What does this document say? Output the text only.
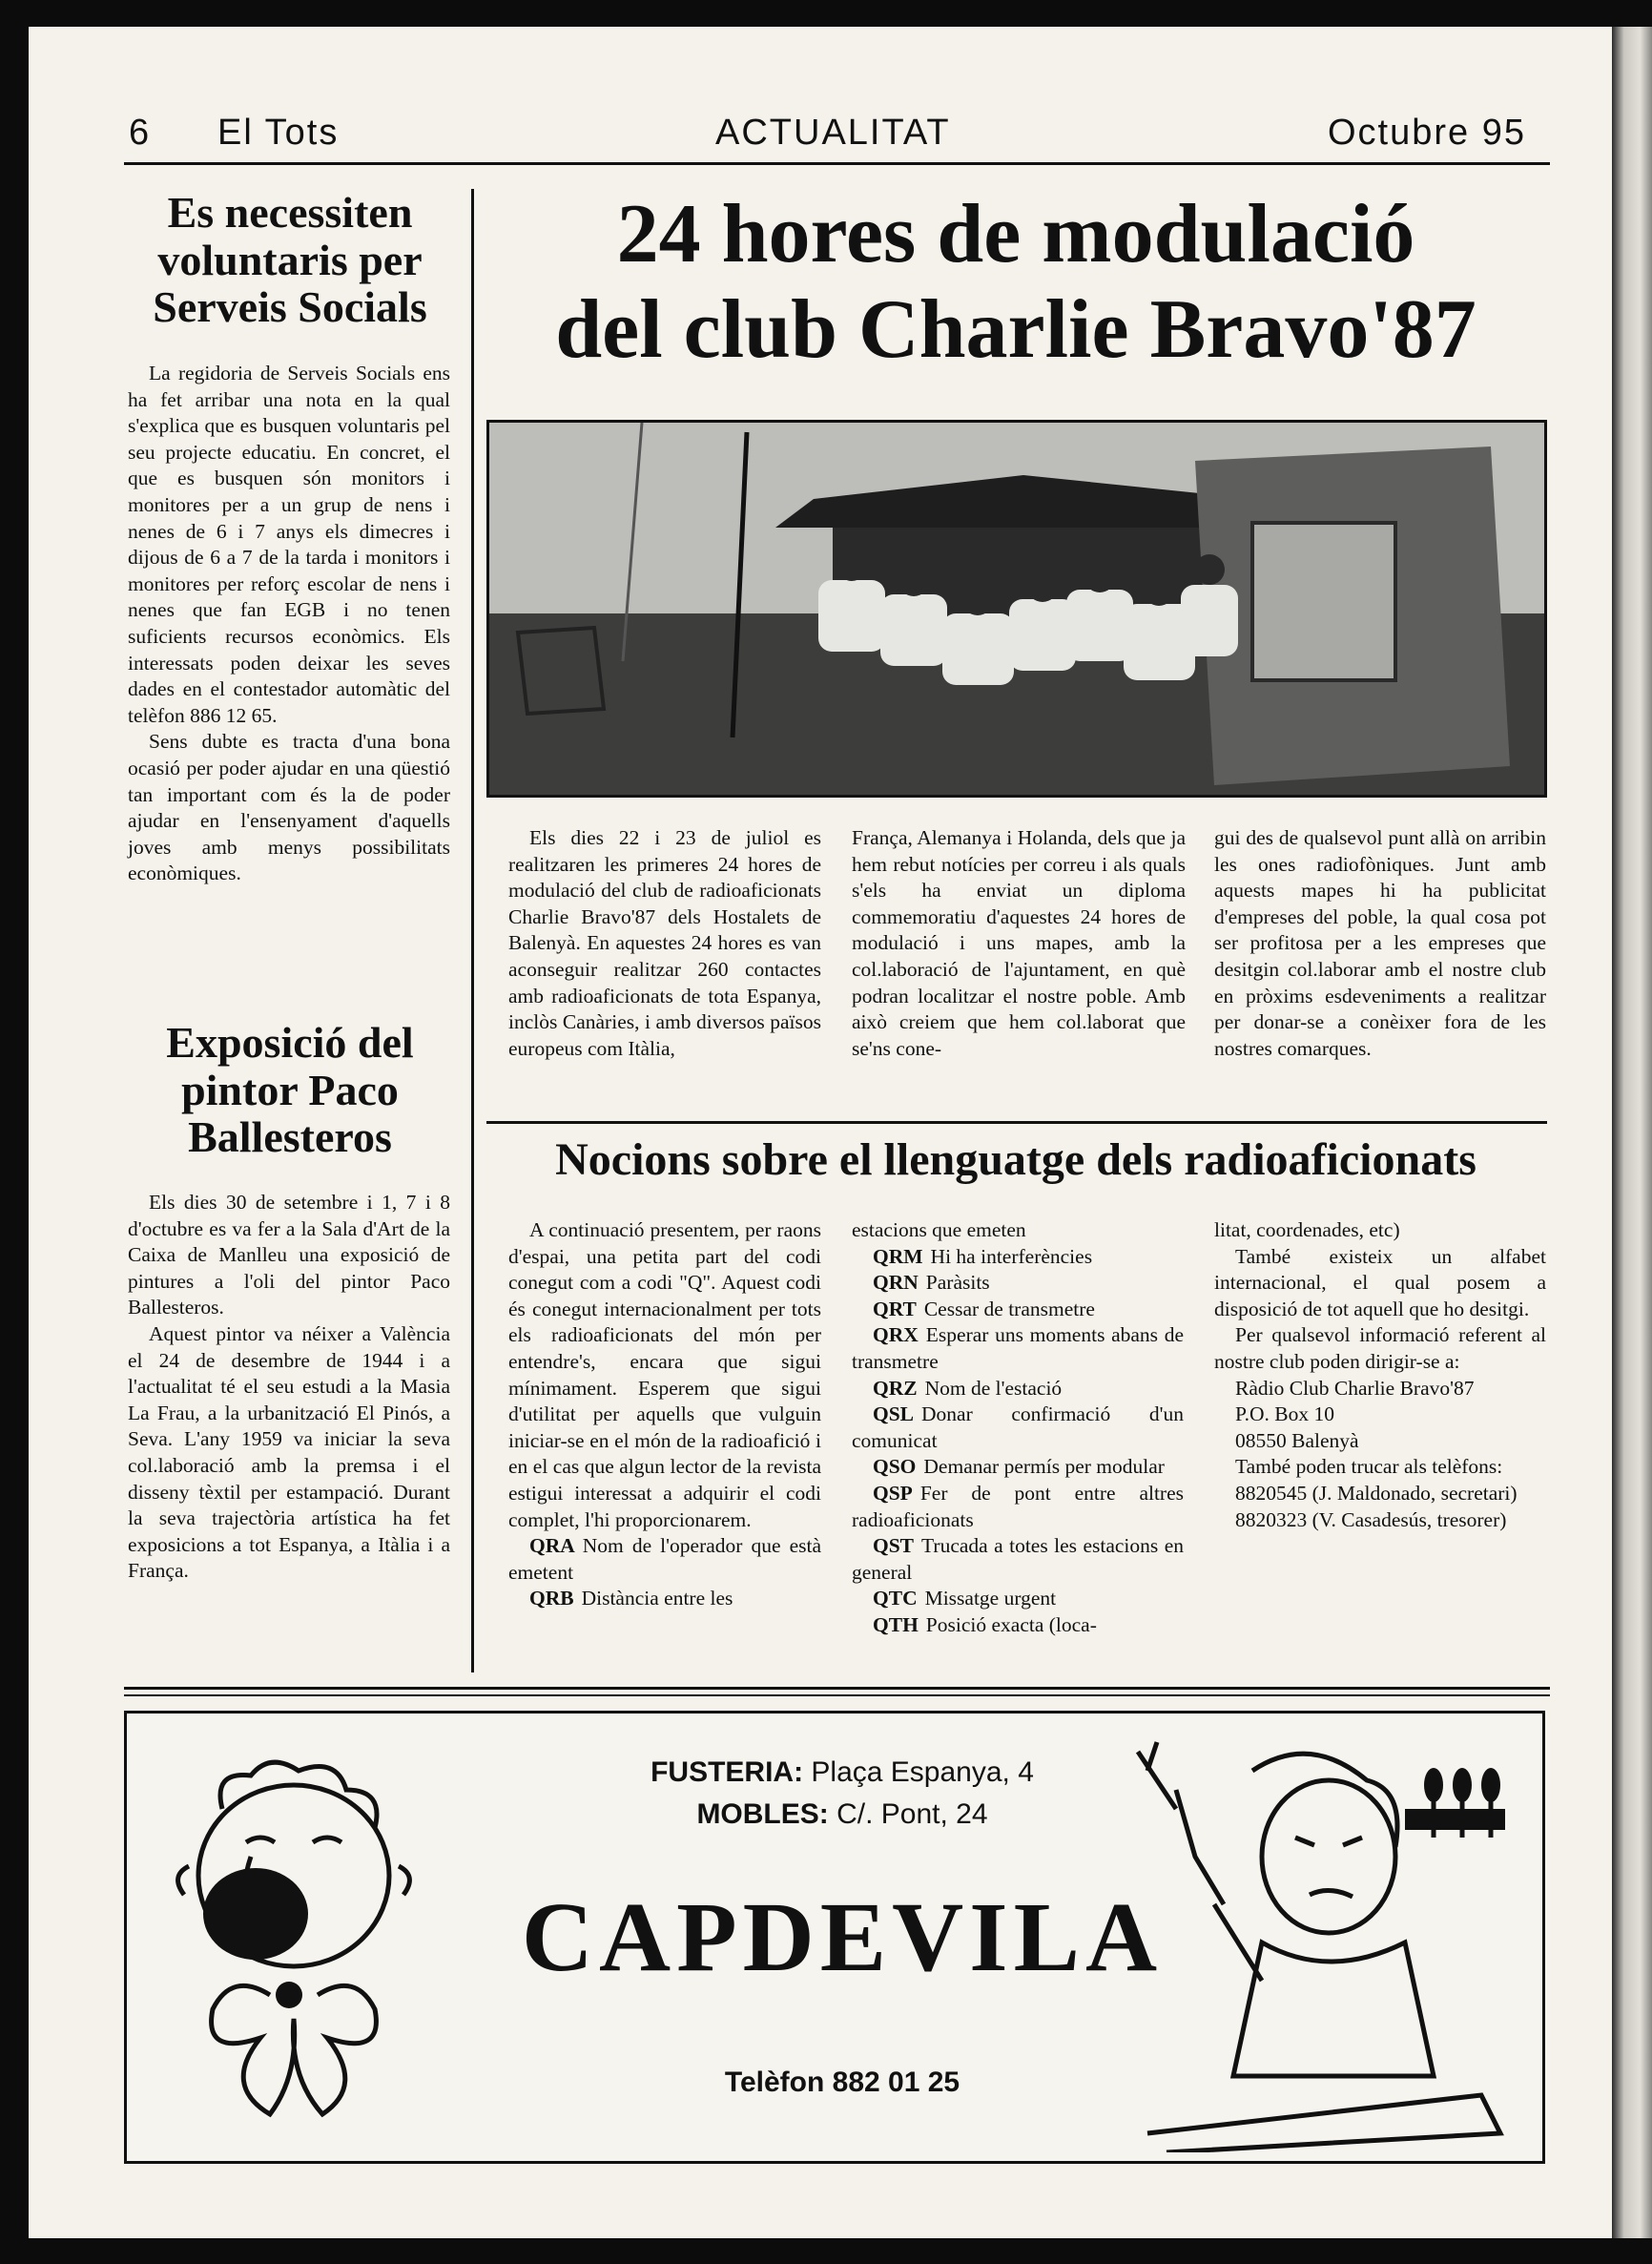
6 El Tots	ACTUALITAT	Octubre 95
Es necessiten voluntaris per Serveis Socials

La regidoria de Serveis Socials ens ha fet arribar una nota en la qual s'explica que es busquen voluntaris pel seu projecte educatiu. En concret, el que es busquen són monitors i monitores per a un grup de nens i nenes de 6 i 7 anys els dimecres i dijous de 6 a 7 de la tarda i monitors i monitores per reforç escolar de nens i nenes que fan EGB i no tenen suficients recursos econòmics. Els interessats poden deixar les seves dades en el contestador automàtic del telèfon 886 12 65.

Sens dubte es tracta d'una bona ocasió per poder ajudar en una qüestió tan important com és la de poder ajudar en l'ensenyament d'aquells joves amb menys possibilitats econòmiques.

Exposició del pintor Paco Ballesteros

Els dies 30 de setembre i 1, 7 i 8 d'octubre es va fer a la Sala d'Art de la Caixa de Manlleu una exposició de pintures a l'oli del pintor Paco Ballesteros.

Aquest pintor va néixer a València el 24 de desembre de 1944 i a l'actualitat té el seu estudi a la Masia La Frau, a la urbanització El Pinós, a Seva. L'any 1959 va iniciar la seva col.laboració amb la premsa i el disseny tèxtil per estampació. Durant la seva trajectòria artística ha fet exposicions a tot Espanya, a Itàlia i a França.

24 hores de modulació
del club Charlie Bravo'87

Els dies 22 i 23 de juliol es realitzaren les primeres 24 hores de modulació del club de radioaficionats Charlie Bravo'87 dels Hostalets de Balenyà. En aquestes 24 hores es van aconseguir realitzar 260 contactes amb radioaficionats de tota Espanya, inclòs Canàries, i amb diversos països europeus com Itàlia,

França, Alemanya i Holanda, dels que ja hem rebut notícies per correu i als quals s'els ha enviat un diploma commemoratiu d'aquestes 24 hores de modulació i uns mapes, amb la col.laboració de l'ajuntament, en què podran localitzar el nostre poble. Amb això creiem que hem col.laborat que se'ns cone-

gui des de qualsevol punt allà on arribin les ones radiofòniques. Junt amb aquests mapes hi ha publicitat d'empreses del poble, la qual cosa pot ser profitosa per a les empreses que desitgin col.laborar amb el nostre club en pròxims esdeveniments a realitzar per donar-se a conèixer fora de les nostres comarques.

Nocions sobre el llenguatge dels radioaficionats

A continuació presentem, per raons d'espai, una petita part del codi conegut com a codi "Q". Aquest codi és conegut internacionalment per tots els radioaficionats del món per entendre's, encara que sigui mínimament. Esperem que sigui d'utilitat per aquells que vulguin iniciar-se en el món de la radioafició i en el cas que algun lector de la revista estigui interessat a adquirir el codi complet, l'hi proporcionarem.

QRA Nom de l'operador que està emetent

QRB Distància entre les

estacions que emeten

QRM Hi ha interferències

QRN Paràsits

QRT Cessar de transmetre

QRX Esperar uns moments abans de transmetre

QRZ Nom de l'estació

QSL Donar confirmació d'un comunicat

QSO Demanar permís per modular

QSP Fer de pont entre altres radioaficionats

QST Trucada a totes les estacions en general

QTC Missatge urgent

QTH Posició exacta (loca-

litat, coordenades, etc)

També existeix un alfabet internacional, el qual posem a disposició de tot aquell que ho desitgi.

Per qualsevol informació referent al nostre club poden dirigir-se a:

Ràdio Club Charlie Bravo'87

P.O. Box 10

08550 Balenyà

També poden trucar als telèfons:

8820545 (J. Maldonado, secretari)

8820323 (V. Casadesús, tresorer)

FUSTERIA: Plaça Espanya, 4
MOBLES: C/. Pont, 24
CAPDEVILA
Telèfon 882 01 25
